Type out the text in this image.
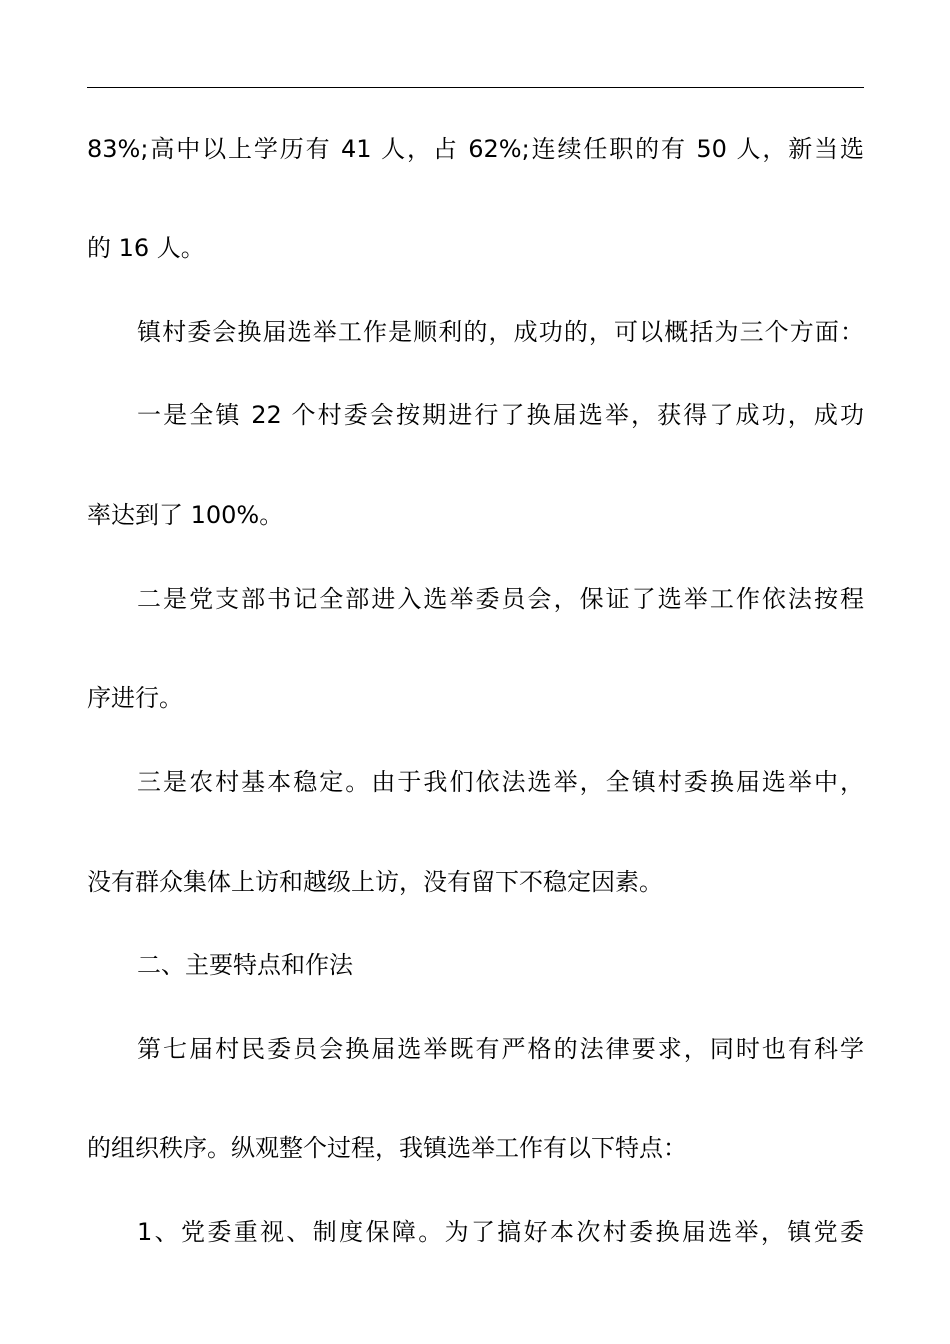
83%;高中以上学历有 41 人，占 62%;连续任职的有 50 人，新当选
的 16 人。
镇村委会换届选举工作是顺利的，成功的，可以概括为三个方面：
一是全镇 22 个村委会按期进行了换届选举，获得了成功，成功
率达到了 100%。
二是党支部书记全部进入选举委员会，保证了选举工作依法按程
序进行。
三是农村基本稳定。由于我们依法选举，全镇村委换届选举中，
没有群众集体上访和越级上访，没有留下不稳定因素。
二、主要特点和作法
第七届村民委员会换届选举既有严格的法律要求，同时也有科学
的组织秩序。纵观整个过程，我镇选举工作有以下特点：
1、党委重视、制度保障。为了搞好本次村委换届选举，镇党委
